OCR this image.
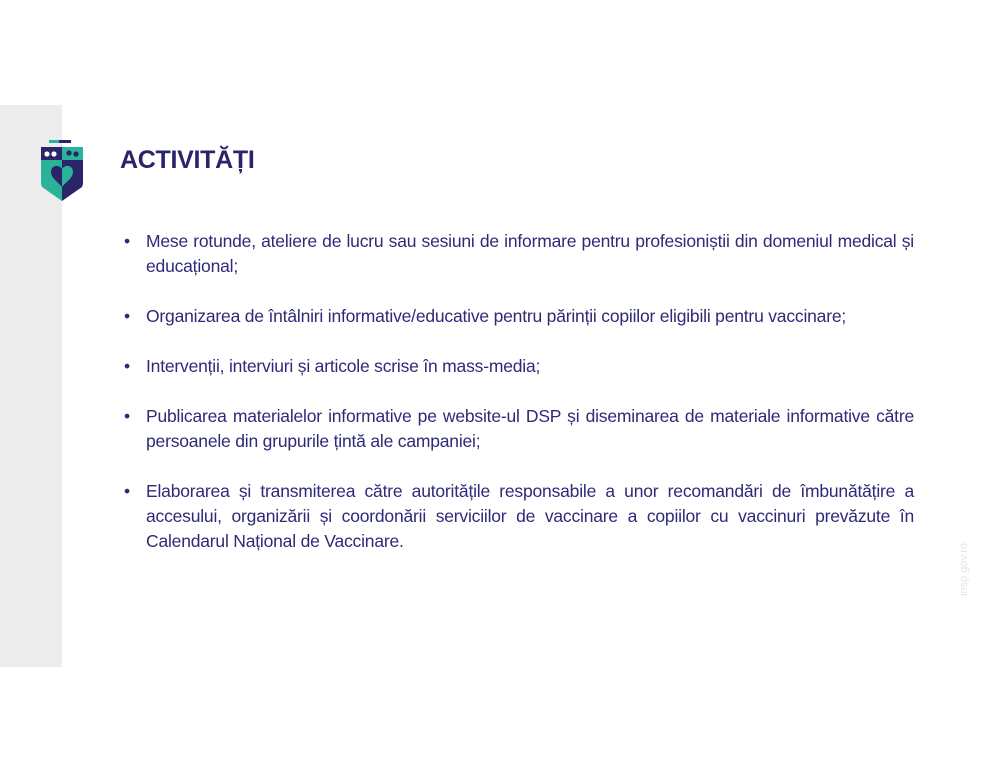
ACTIVITĂȚI
• Mese rotunde, ateliere de lucru sau sesiuni de informare pentru profesioniștii din domeniul medical și educațional;
• Organizarea de întâlniri informative/educative pentru părinții copiilor eligibili pentru vaccinare;
• Intervenții, interviuri și articole scrise în mass-media;
• Publicarea materialelor informative pe website-ul DSP și diseminarea de materiale informative către persoanele din grupurile țintă ale campaniei;
• Elaborarea și transmiterea către autoritățile responsabile a unor recomandări de îmbunătățire a accesului, organizării și coordonării serviciilor de vaccinare a copiilor cu vaccinuri prevăzute în Calendarul Național de Vaccinare.
insp.gov.ro
